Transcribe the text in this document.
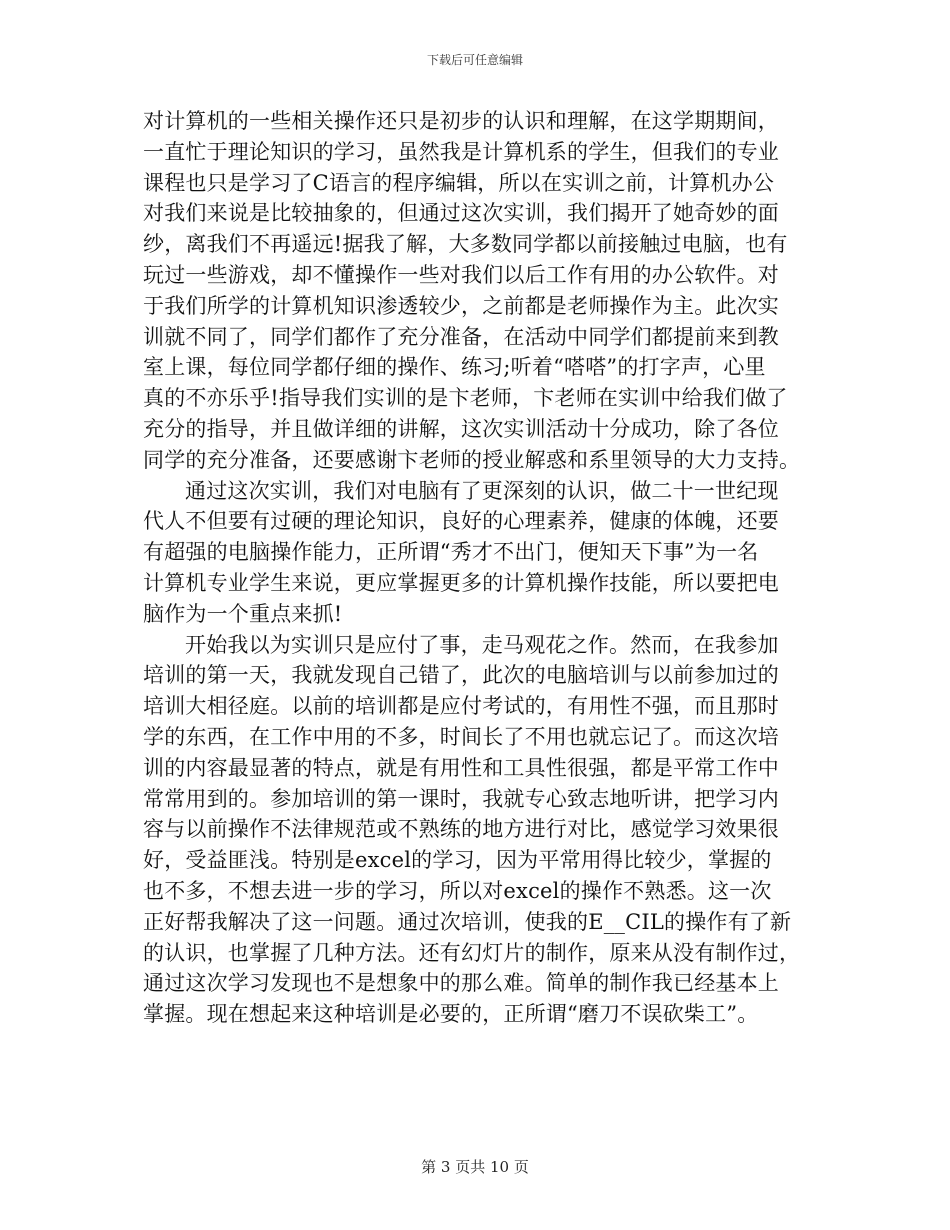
下载后可任意编辑
对计算机的一些相关操作还只是初步的认识和理解，在这学期期间，
一直忙于理论知识的学习，虽然我是计算机系的学生，但我们的专业
课程也只是学习了C语言的程序编辑，所以在实训之前，计算机办公
对我们来说是比较抽象的，但通过这次实训，我们揭开了她奇妙的面
纱，离我们不再遥远!据我了解，大多数同学都以前接触过电脑，也有
玩过一些游戏，却不懂操作一些对我们以后工作有用的办公软件。对
于我们所学的计算机知识渗透较少，之前都是老师操作为主。此次实
训就不同了，同学们都作了充分准备，在活动中同学们都提前来到教
室上课，每位同学都仔细的操作、练习;听着“嗒嗒”的打字声，心里
真的不亦乐乎!指导我们实训的是卞老师，卞老师在实训中给我们做了
充分的指导，并且做详细的讲解，这次实训活动十分成功，除了各位
同学的充分准备，还要感谢卞老师的授业解惑和系里领导的大力支持。
通过这次实训，我们对电脑有了更深刻的认识，做二十一世纪现
代人不但要有过硬的理论知识，良好的心理素养，健康的体魄，还要
有超强的电脑操作能力，正所谓“秀才不出门，便知天下事”为一名
计算机专业学生来说，更应掌握更多的计算机操作技能，所以要把电
脑作为一个重点来抓!
开始我以为实训只是应付了事，走马观花之作。然而，在我参加
培训的第一天，我就发现自己错了，此次的电脑培训与以前参加过的
培训大相径庭。以前的培训都是应付考试的，有用性不强，而且那时
学的东西，在工作中用的不多，时间长了不用也就忘记了。而这次培
训的内容最显著的特点，就是有用性和工具性很强，都是平常工作中
常常用到的。参加培训的第一课时，我就专心致志地听讲，把学习内
容与以前操作不法律规范或不熟练的地方进行对比，感觉学习效果很
好，受益匪浅。特别是excel的学习，因为平常用得比较少，掌握的
也不多，不想去进一步的学习，所以对excel的操作不熟悉。这一次
正好帮我解决了这一问题。通过次培训，使我的E__CIL的操作有了新
的认识，也掌握了几种方法。还有幻灯片的制作，原来从没有制作过，
通过这次学习发现也不是想象中的那么难。简单的制作我已经基本上
掌握。现在想起来这种培训是必要的，正所谓“磨刀不误砍柴工”。
第 3 页共 10 页
